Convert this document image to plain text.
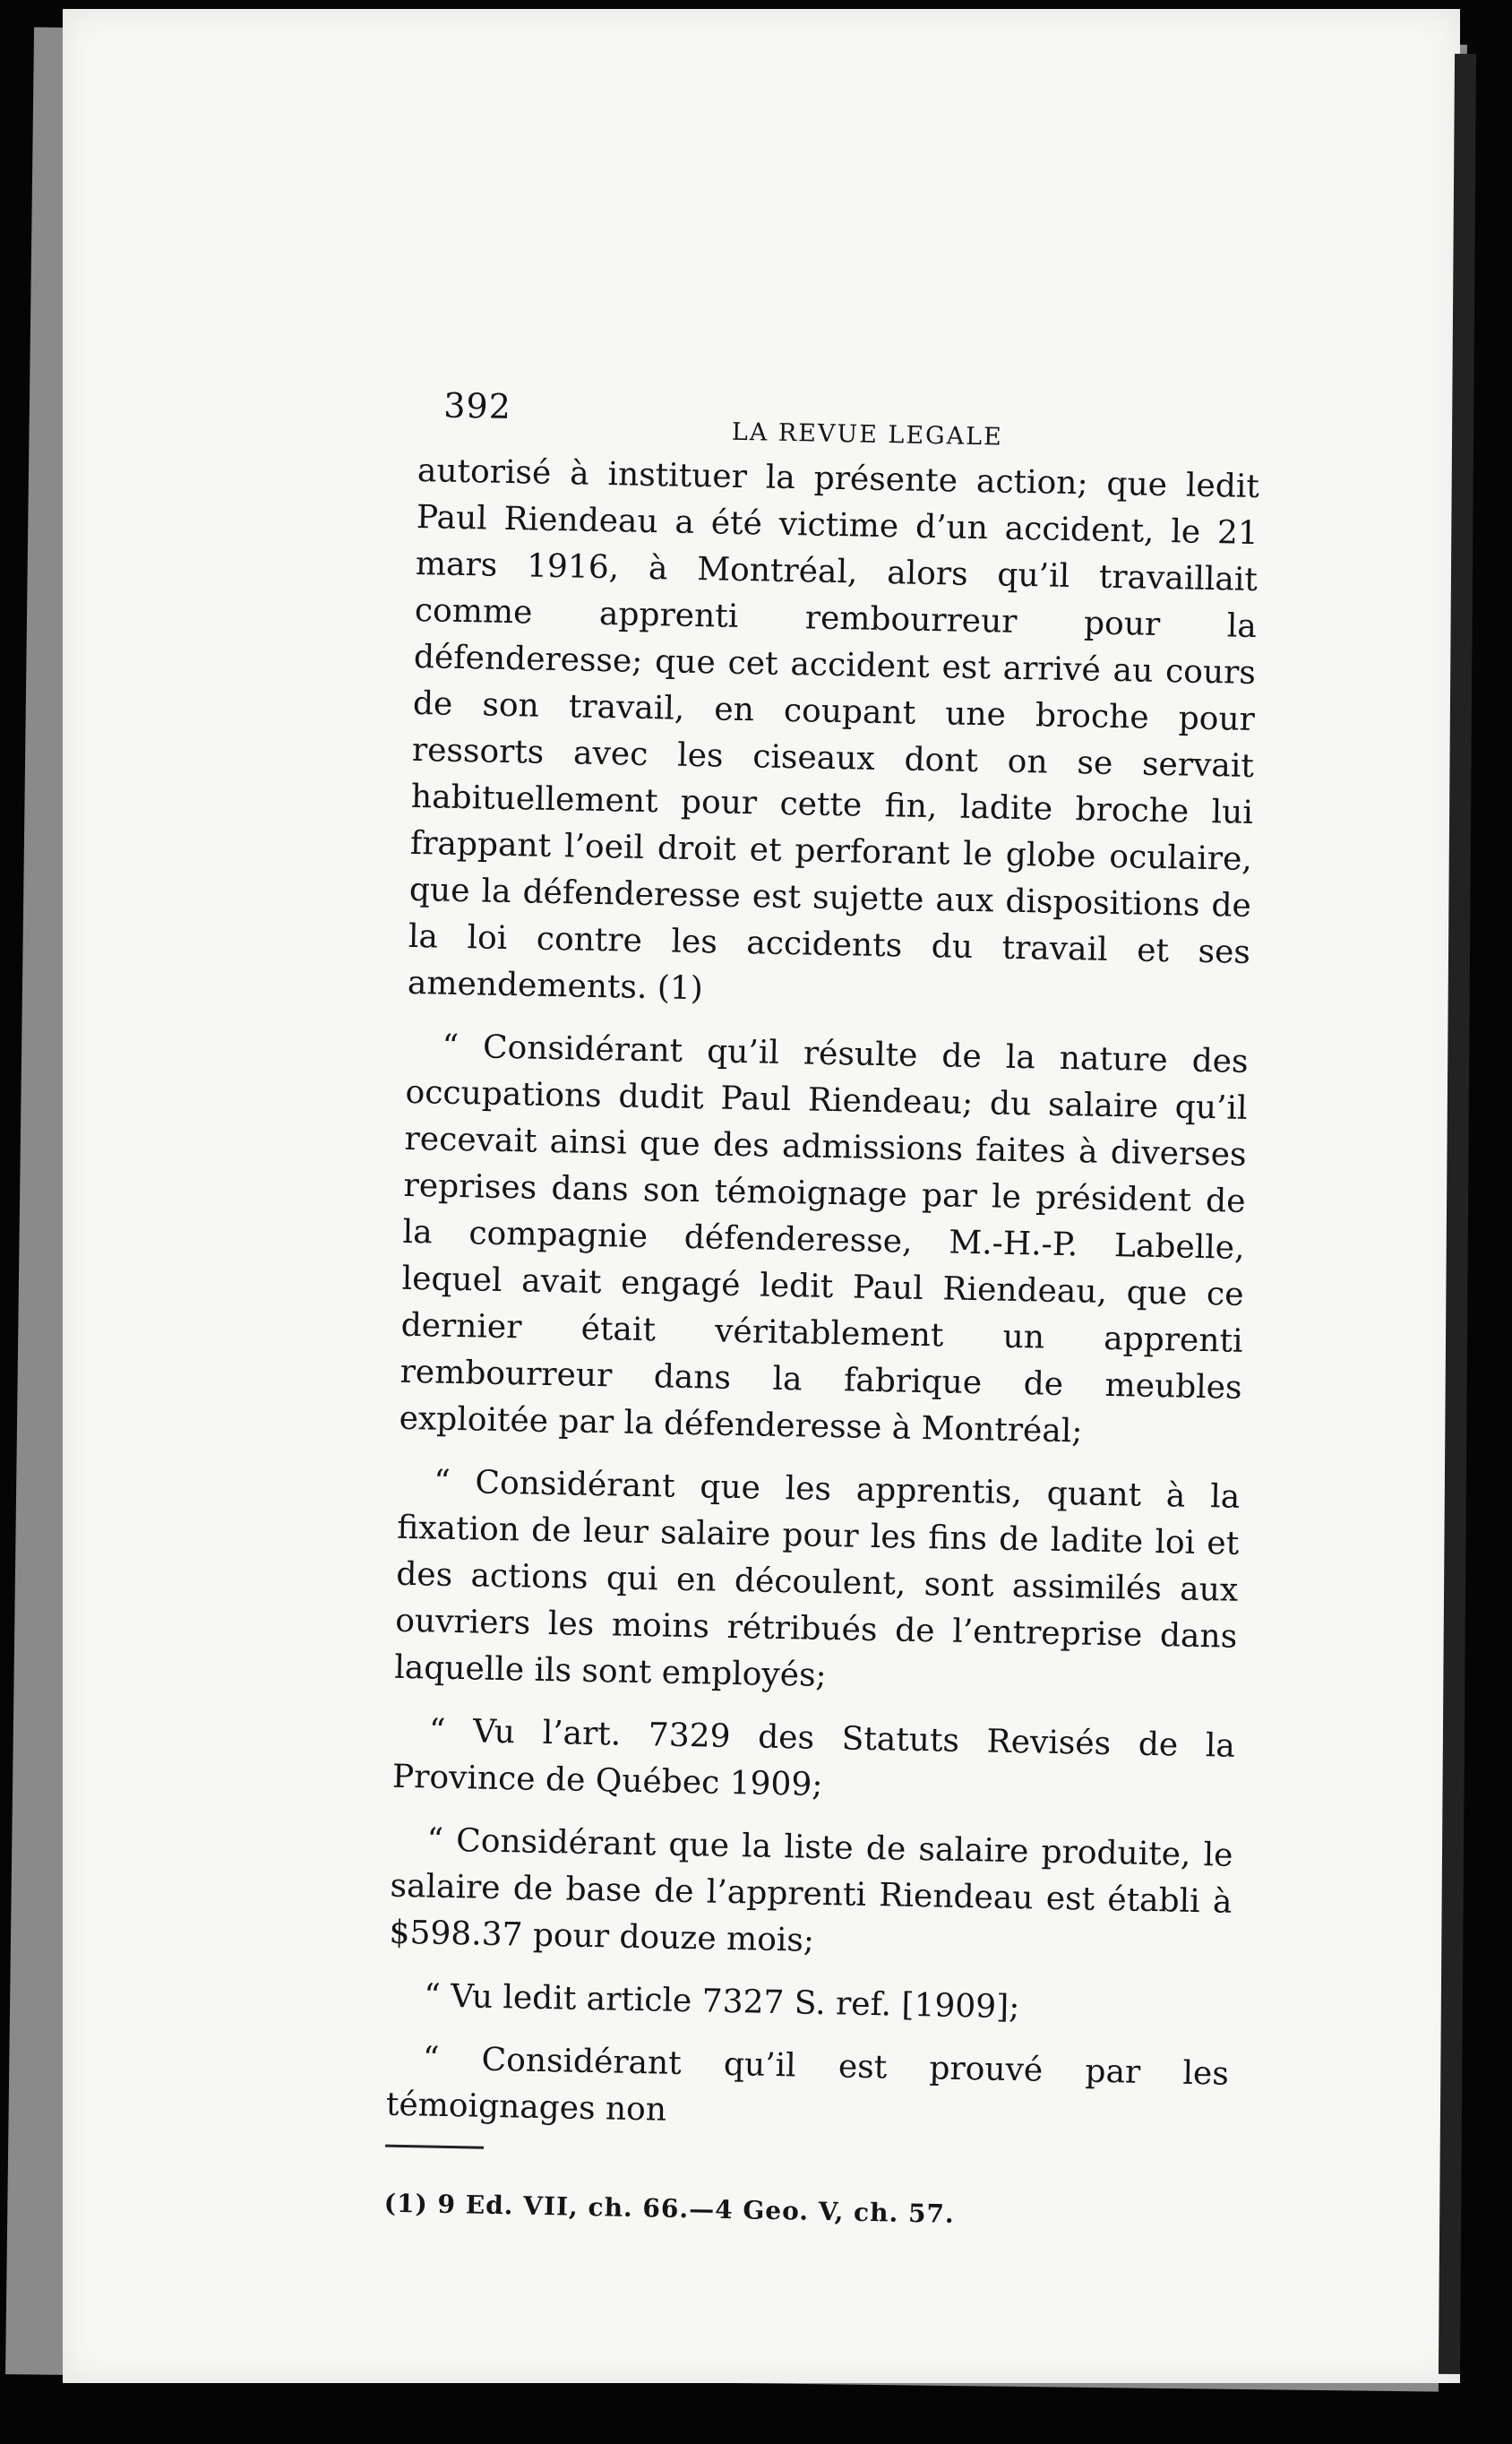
392
LA REVUE LEGALE

autorisé à instituer la présente action; que ledit Paul Riendeau a été victime d’un accident, le 21 mars 1916, à Montréal, alors qu’il travaillait comme apprenti rembourreur pour la défenderesse; que cet accident est arrivé au cours de son travail, en coupant une broche pour ressorts avec les ciseaux dont on se servait habituellement pour cette fin, ladite broche lui frappant l’oeil droit et perforant le globe oculaire, que la défenderesse est sujette aux dispositions de la loi contre les accidents du travail et ses amendements. (1)

“ Considérant qu’il résulte de la nature des occupations dudit Paul Riendeau; du salaire qu’il recevait ainsi que des admissions faites à diverses reprises dans son témoignage par le président de la compagnie défenderesse, M.-H.-P. Labelle, lequel avait engagé ledit Paul Riendeau, que ce dernier était véritablement un apprenti rembourreur dans la fabrique de meubles exploitée par la défenderesse à Montréal;

“ Considérant que les apprentis, quant à la fixation de leur salaire pour les fins de ladite loi et des actions qui en découlent, sont assimilés aux ouvriers les moins rétribués de l’entreprise dans laquelle ils sont employés;

“ Vu l’art. 7329 des Statuts Revisés de la Province de Québec 1909;

“ Considérant que la liste de salaire produite, le salaire de base de l’apprenti Riendeau est établi à $598.37 pour douze mois;

“ Vu ledit article 7327 S. ref. [1909];

“ Considérant qu’il est prouvé par les témoignages non

(1) 9 Ed. VII, ch. 66.—4 Geo. V, ch. 57.
